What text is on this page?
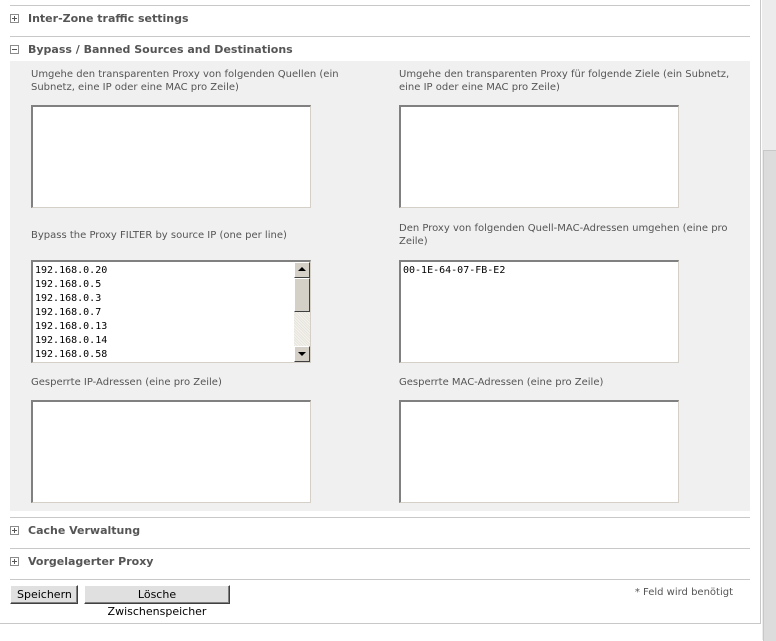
Inter-Zone traffic settings
Bypass / Banned Sources and Destinations
Umgehe den transparenten Proxy von folgenden Quellen (ein Subnetz, eine IP oder eine MAC pro Zeile)
Umgehe den transparenten Proxy für folgende Ziele (ein Subnetz, eine IP oder eine MAC pro Zeile)
Bypass the Proxy FILTER by source IP (one per line)
192.168.0.20
192.168.0.5
192.168.0.3
192.168.0.7
192.168.0.13
192.168.0.14
192.168.0.58
Den Proxy von folgenden Quell-MAC-Adressen umgehen (eine pro Zeile)
00-1E-64-07-FB-E2
Gesperrte IP-Adressen (eine pro Zeile)	Gesperrte MAC-Adressen (eine pro Zeile)
Cache Verwaltung
Vorgelagerter Proxy
Speichern	Lösche Zwischenspeicher
* Feld wird benötigt
